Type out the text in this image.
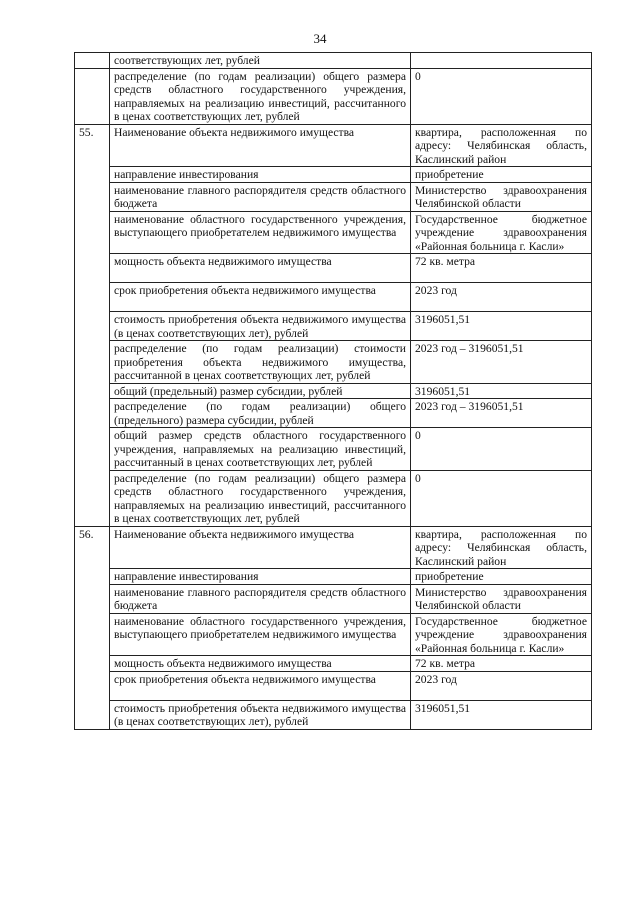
34
	соответствующих лет, рублей	
	распределение (по годам реализации) общего размера средств областного государственного учреждения, направляемых на реализацию инвестиций, рассчитанного в ценах соответствующих лет, рублей	0
55.	Наименование объекта недвижимого имущества	квартира, расположенная по адресу: Челябинская область, Каслинский район
	направление инвестирования	приобретение
	наименование главного распорядителя средств областного бюджета	Министерство здравоохранения Челябинской области
	наименование областного государственного учреждения, выступающего приобретателем недвижимого имущества	Государственное бюджетное учреждение здравоохранения «Районная больница г. Касли»
	мощность объекта недвижимого имущества	72 кв. метра
	срок приобретения объекта недвижимого имущества	2023 год
	стоимость приобретения объекта недвижимого имущества (в ценах соответствующих лет), рублей	3196051,51
	распределение (по годам реализации) стоимости приобретения объекта недвижимого имущества, рассчитанной в ценах соответствующих лет, рублей	2023 год – 3196051,51
	общий (предельный) размер субсидии, рублей	3196051,51
	распределение (по годам реализации) общего (предельного) размера субсидии, рублей	2023 год – 3196051,51
	общий размер средств областного государственного учреждения, направляемых на реализацию инвестиций, рассчитанный в ценах соответствующих лет, рублей	0
	распределение (по годам реализации) общего размера средств областного государственного учреждения, направляемых на реализацию инвестиций, рассчитанного в ценах соответствующих лет, рублей	0
56.	Наименование объекта недвижимого имущества	квартира, расположенная по адресу: Челябинская область, Каслинский район
	направление инвестирования	приобретение
	наименование главного распорядителя средств областного бюджета	Министерство здравоохранения Челябинской области
	наименование областного государственного учреждения, выступающего приобретателем недвижимого имущества	Государственное бюджетное учреждение здравоохранения «Районная больница г. Касли»
	мощность объекта недвижимого имущества	72 кв. метра
	срок приобретения объекта недвижимого имущества	2023 год
	стоимость приобретения объекта недвижимого имущества (в ценах соответствующих лет), рублей	3196051,51
